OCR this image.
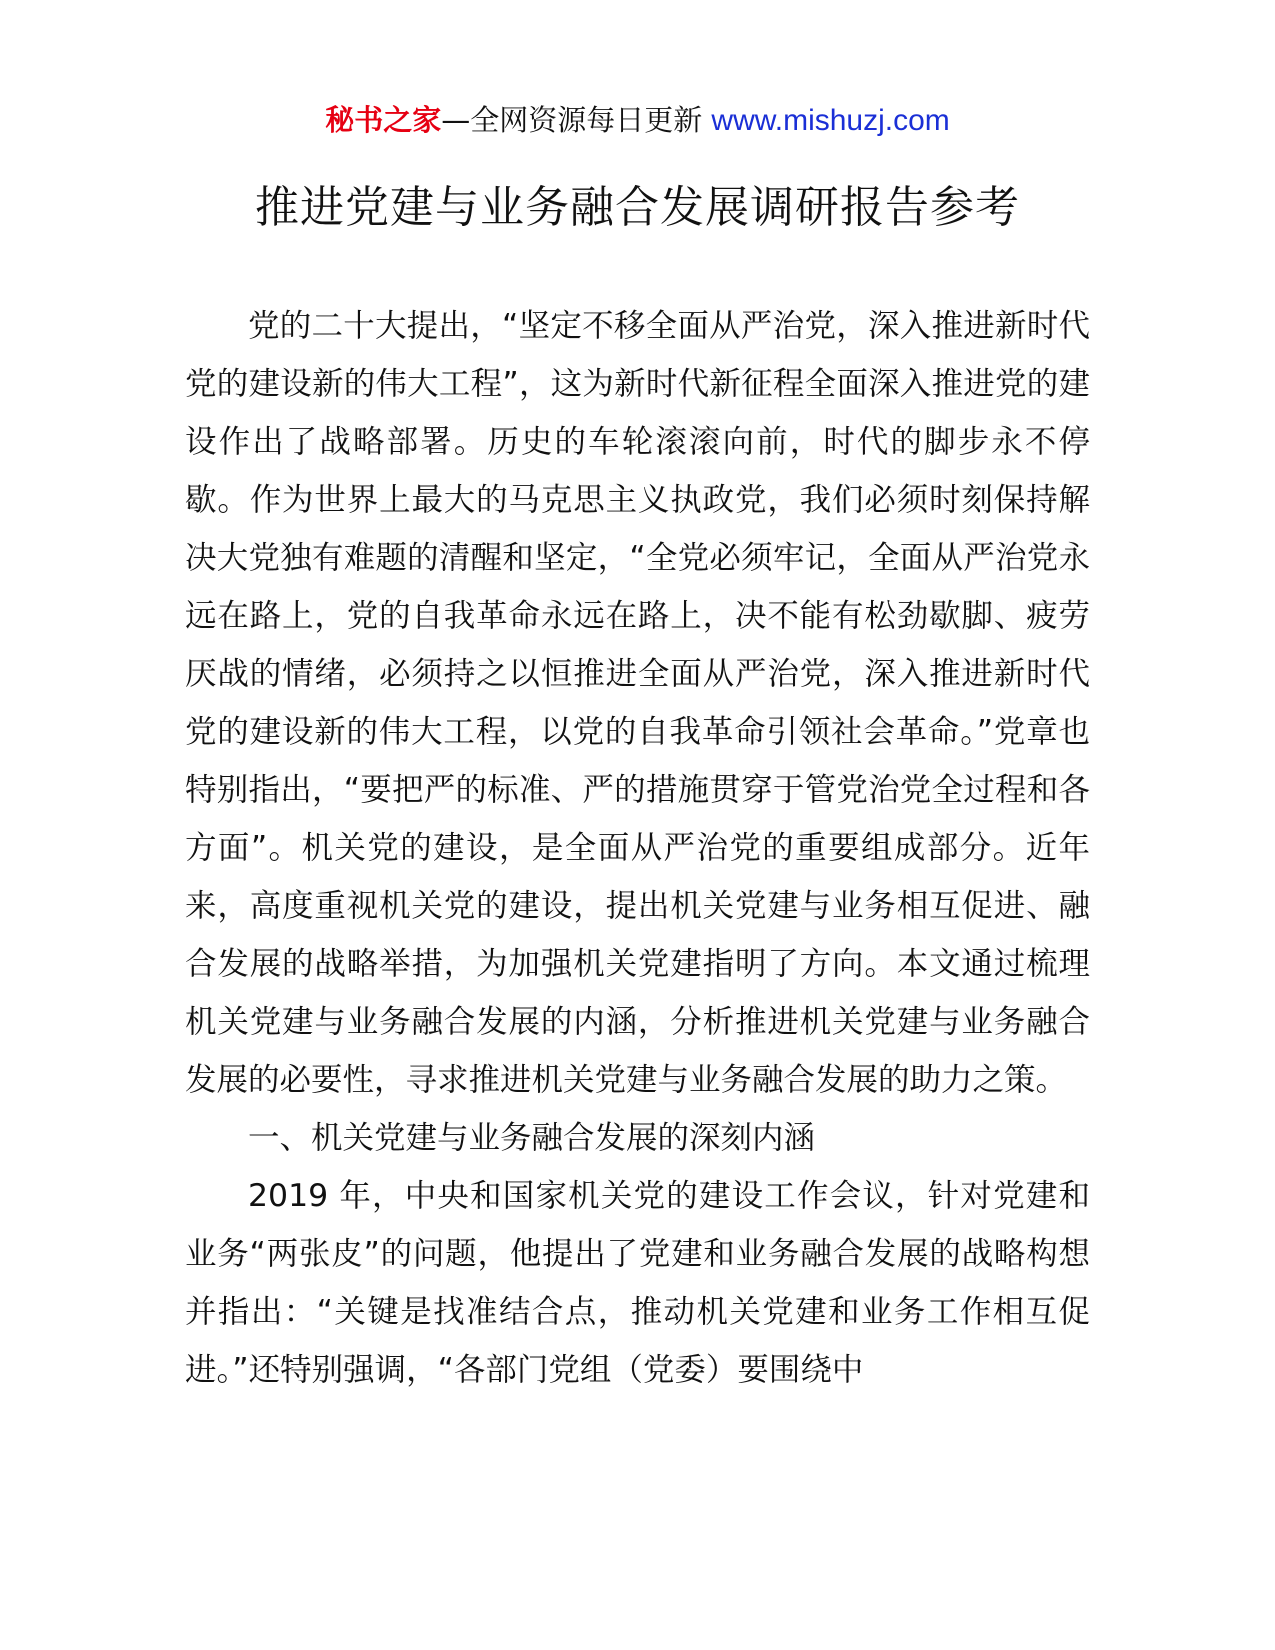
秘书之家—全网资源每日更新 www.mishuzj.com
推进党建与业务融合发展调研报告参考

党的二十大提出，“坚定不移全面从严治党，深入推进新时代党的建设新的伟大工程”，这为新时代新征程全面深入推进党的建设作出了战略部署。历史的车轮滚滚向前，时代的脚步永不停歇。作为世界上最大的马克思主义执政党，我们必须时刻保持解决大党独有难题的清醒和坚定，“全党必须牢记，全面从严治党永远在路上，党的自我革命永远在路上，决不能有松劲歇脚、疲劳厌战的情绪，必须持之以恒推进全面从严治党，深入推进新时代党的建设新的伟大工程，以党的自我革命引领社会革命。”党章也特别指出，“要把严的标准、严的措施贯穿于管党治党全过程和各方面”。机关党的建设，是全面从严治党的重要组成部分。近年来，高度重视机关党的建设，提出机关党建与业务相互促进、融合发展的战略举措，为加强机关党建指明了方向。本文通过梳理机关党建与业务融合发展的内涵，分析推进机关党建与业务融合发展的必要性，寻求推进机关党建与业务融合发展的助力之策。

一、机关党建与业务融合发展的深刻内涵

2019 年，中央和国家机关党的建设工作会议，针对党建和业务“两张皮”的问题，他提出了党建和业务融合发展的战略构想并指出：“关键是找准结合点，推动机关党建和业务工作相互促进。”还特别强调，“各部门党组（党委）要围绕中
